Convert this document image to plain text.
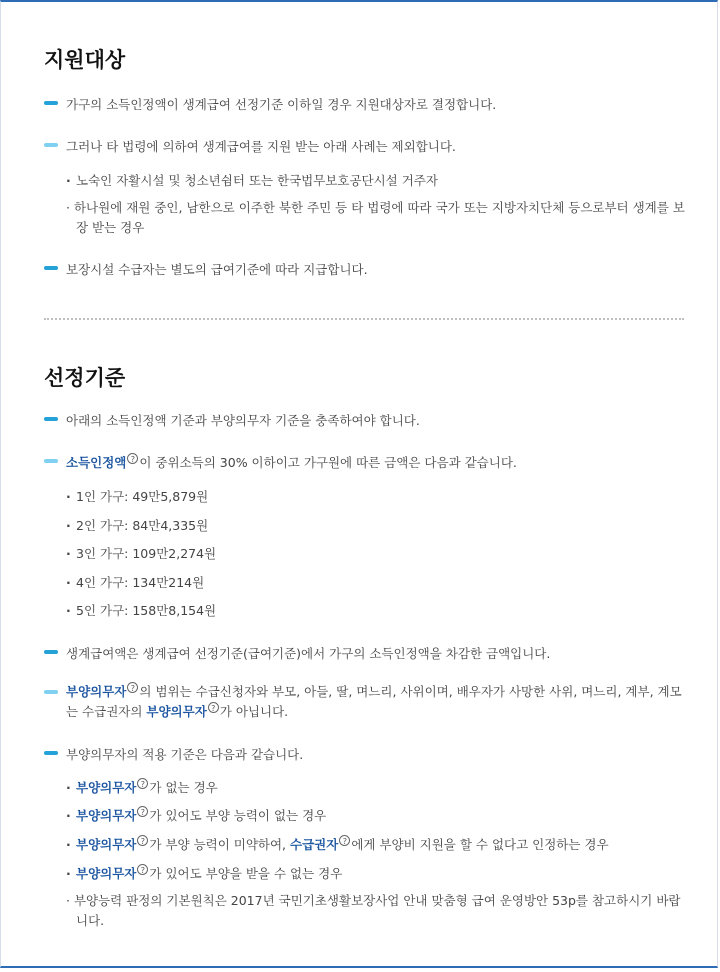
지원대상
가구의 소득인정액이 생계급여 선정기준 이하일 경우 지원대상자로 결정합니다.
그러나 타 법령에 의하여 생계급여를 지원 받는 아래 사례는 제외합니다.
· 노숙인 자활시설 및 청소년쉼터 또는 한국법무보호공단시설 거주자
· 하나원에 재원 중인, 남한으로 이주한 북한 주민 등 타 법령에 따라 국가 또는 지방자치단체 등으로부터 생계를 보장 받는 경우
보장시설 수급자는 별도의 급여기준에 따라 지급합니다.
선정기준
아래의 소득인정액 기준과 부양의무자 기준을 충족하여야 합니다.
소득인정액 ? 이 중위소득의 30% 이하이고 가구원에 따른 금액은 다음과 같습니다.
· 1인 가구: 49만5,879원
· 2인 가구: 84만4,335원
· 3인 가구: 109만2,274원
· 4인 가구: 134만214원
· 5인 가구: 158만8,154원
생계급여액은 생계급여 선정기준(급여기준)에서 가구의 소득인정액을 차감한 금액입니다.
부양의무자 ? 의 범위는 수급신청자와 부모, 아들, 딸, 며느리, 사위이며, 배우자가 사망한 사위, 며느리, 계부, 계모는 수급권자의 부양의무자 ? 가 아닙니다.
부양의무자의 적용 기준은 다음과 같습니다.
· 부양의무자 ? 가 없는 경우
· 부양의무자 ? 가 있어도 부양 능력이 없는 경우
· 부양의무자 ? 가 부양 능력이 미약하여, 수급권자 ? 에게 부양비 지원을 할 수 없다고 인정하는 경우
· 부양의무자 ? 가 있어도 부양을 받을 수 없는 경우
· 부양능력 판정의 기본원칙은 2017년 국민기초생활보장사업 안내 맞춤형 급여 운영방안 53p를 참고하시기 바랍니다.
